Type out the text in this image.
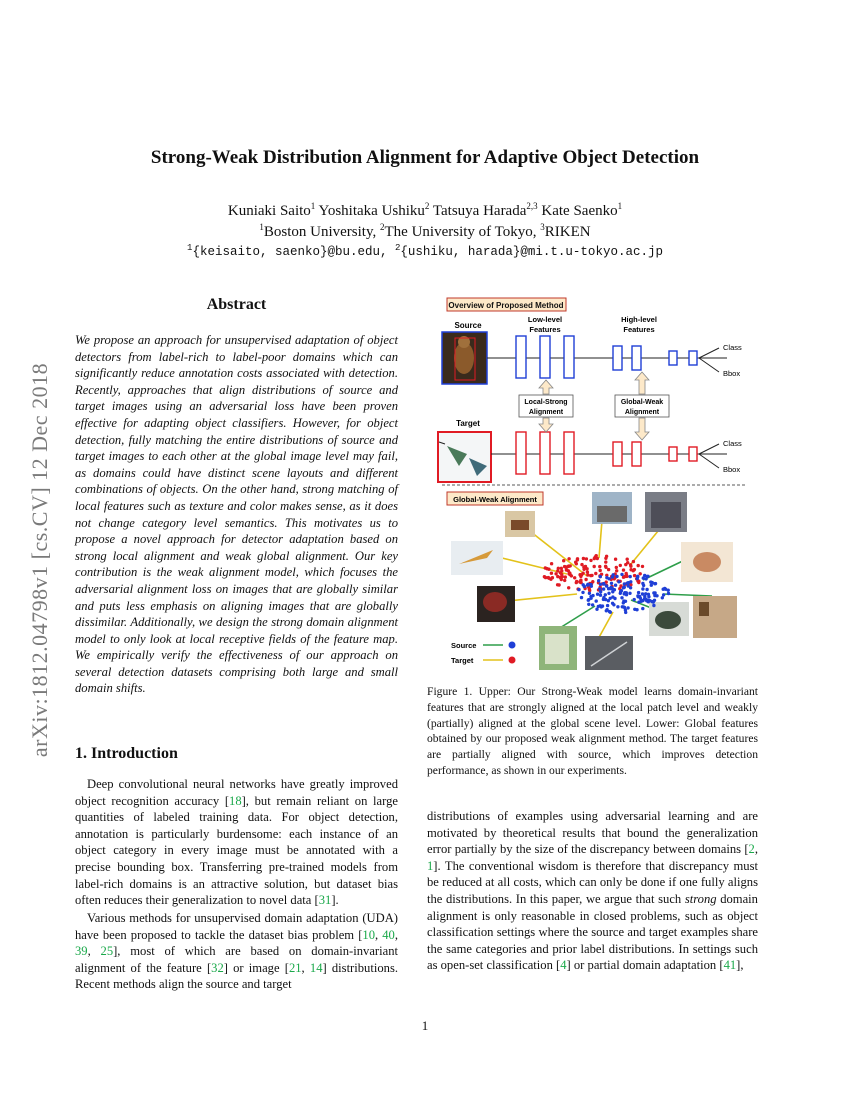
arXiv:1812.04798v1 [cs.CV] 12 Dec 2018
Strong-Weak Distribution Alignment for Adaptive Object Detection
Kuniaki Saito$^1$ Yoshitaka Ushiku$^2$ Tatsuya Harada$^{2,3}$ Kate Saenko$^1$
$^1$Boston University, $^2$The University of Tokyo, $^3$RIKEN
$^1${keisaito, saenko}@bu.edu, $^2${ushiku, harada}@mi.t.u-tokyo.ac.jp
Abstract
We propose an approach for unsupervised adaptation of object detectors from label-rich to label-poor domains which can significantly reduce annotation costs associated with detection. Recently, approaches that align distributions of source and target images using an adversarial loss have been proven effective for adapting object classifiers. However, for object detection, fully matching the entire distributions of source and target images to each other at the global image level may fail, as domains could have distinct scene layouts and different combinations of objects. On the other hand, strong matching of local features such as texture and color makes sense, as it does not change category level semantics. This motivates us to propose a novel approach for detector adaptation based on strong local alignment and weak global alignment. Our key contribution is the weak alignment model, which focuses the adversarial alignment loss on images that are globally similar and puts less emphasis on aligning images that are globally dissimilar. Additionally, we design the strong domain alignment model to only look at local receptive fields of the feature map. We empirically verify the effectiveness of our approach on several detection datasets comprising both large and small domain shifts.
1. Introduction
Deep convolutional neural networks have greatly improved object recognition accuracy [18], but remain reliant on large quantities of labeled training data. For object detection, annotation is particularly burdensome: each instance of an object category in every image must be annotated with a precise bounding box. Transferring pre-trained models from label-rich domains is an attractive solution, but dataset bias often reduces their generalization to novel data [31].
Various methods for unsupervised domain adaptation (UDA) have been proposed to tackle the dataset bias problem [10, 40, 39, 25], most of which are based on domain-invariant alignment of the feature [32] or image [21, 14] distributions. Recent methods align the source and target
distributions of examples using adversarial learning and are motivated by theoretical results that bound the generalization error partially by the size of the discrepancy between domains [2, 1]. The conventional wisdom is therefore that discrepancy must be reduced at all costs, which can only be done if one fully aligns the distributions. In this paper, we argue that such strong domain alignment is only reasonable in closed problems, such as object classification settings where the source and target examples share the same categories and prior label distributions. In settings such as open-set classification [4] or partial domain adaptation [41],
Overview of Proposed Method
Source
Target
Class
Bbox
Class
Bbox
Low-level
Features
High-level
Features
Local-Strong
Alignment
Global-Weak
Alignment
Global-Weak Alignment
Source
Target
Figure 1. Upper: Our Strong-Weak model learns domain-invariant features that are strongly aligned at the local patch level and weakly (partially) aligned at the global scene level. Lower: Global features obtained by our proposed weak alignment method. The target features are partially aligned with source, which improves detection performance, as shown in our experiments.
1
